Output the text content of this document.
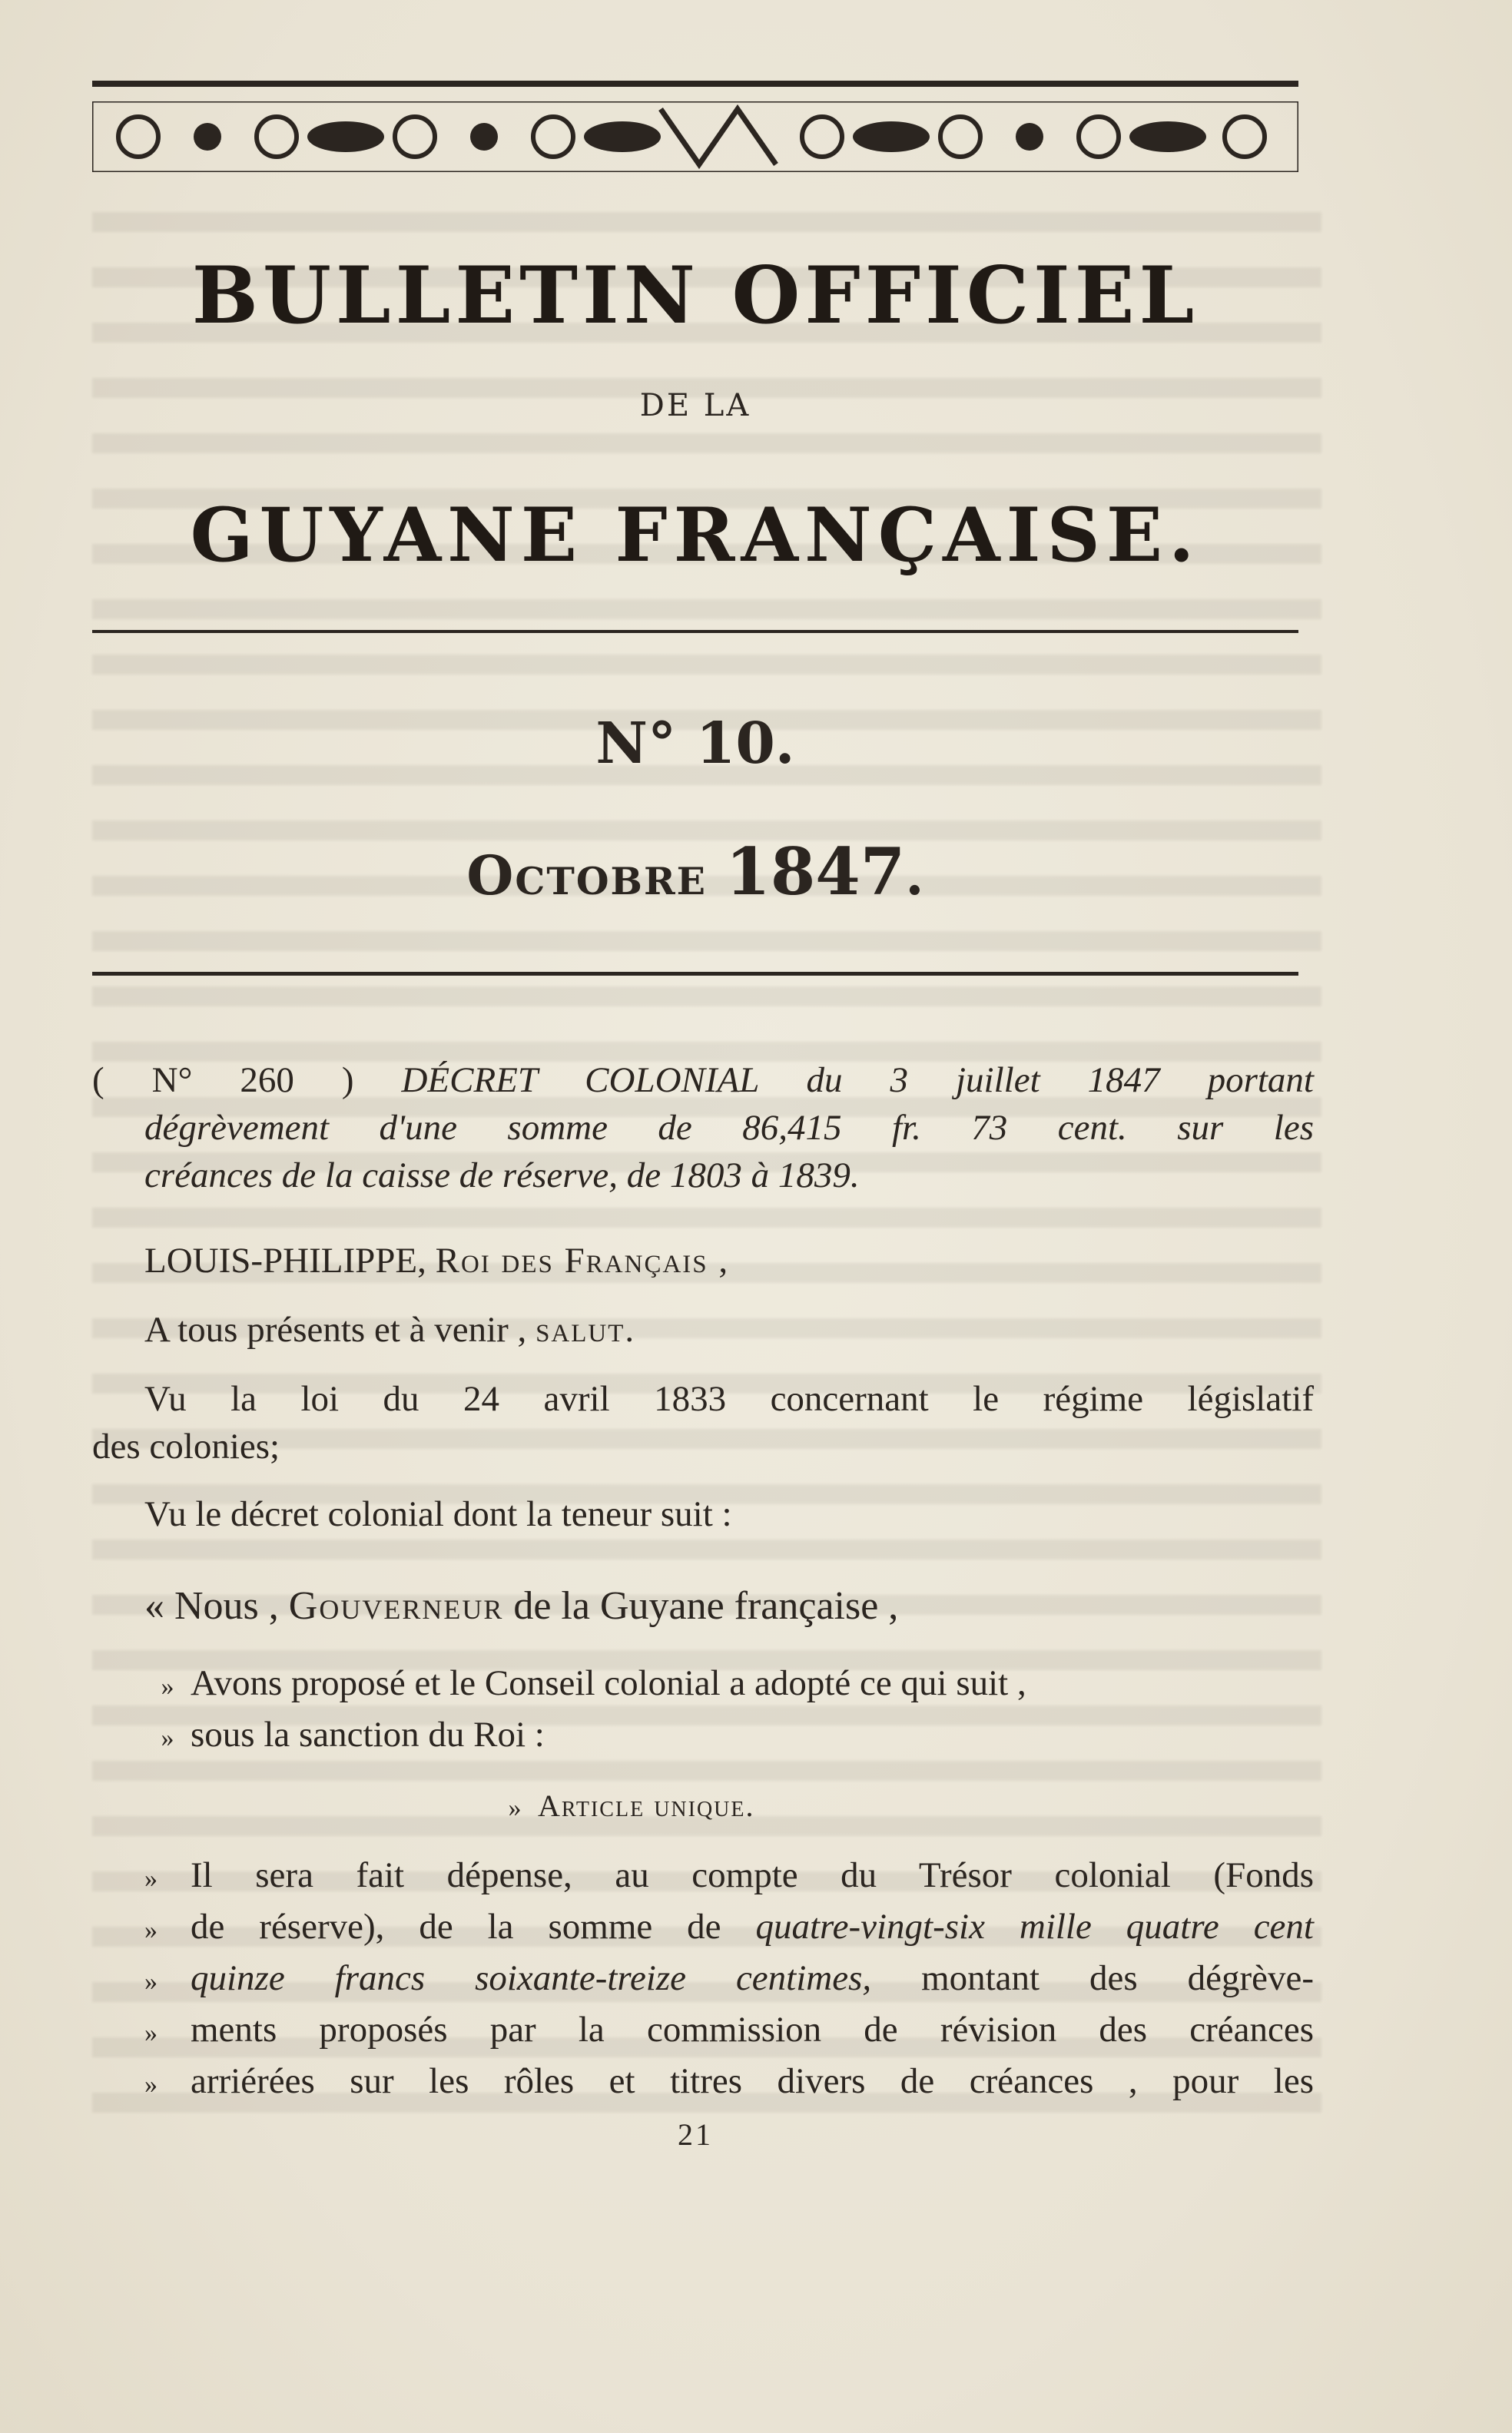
BULLETIN OFFICIEL
DE LA
GUYANE FRANÇAISE.
N° 10.
Octobre 1847.
( N° 260 ) DÉCRET COLONIAL du 3 juillet 1847 portant
dégrèvement d'une somme de 86,415 fr. 73 cent. sur les
créances de la caisse de réserve, de 1803 à 1839.
LOUIS-PHILIPPE, Roi des Français ,
A tous présents et à venir , salut.
Vu la loi du 24 avril 1833 concernant le régime législatif
des colonies;
Vu le décret colonial dont la teneur suit :
« Nous , Gouverneur de la Guyane française ,
» Avons proposé et le Conseil colonial a adopté ce qui suit ,
» sous la sanction du Roi :
» Article unique.
» Il sera fait dépense, au compte du Trésor colonial (Fonds
» de réserve), de la somme de quatre-vingt-six mille quatre cent
» quinze francs soixante-treize centimes, montant des dégrève-
» ments proposés par la commission de révision des créances
» arriérées sur les rôles et titres divers de créances , pour les
21
